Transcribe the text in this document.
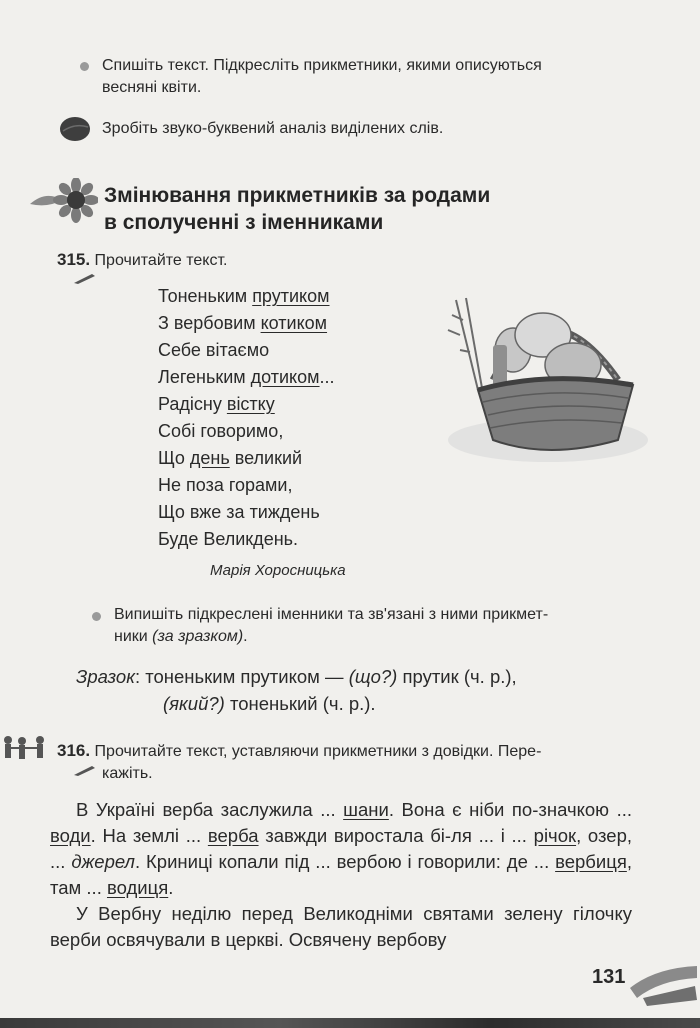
Спишіть текст. Підкресліть прикметники, якими описуються
весняні квіти.
Зробіть звуко-буквений аналіз виділених слів.
Змінювання прикметників за родами
в сполученні з іменниками
315. Прочитайте текст.
Тоненьким прутиком
З вербовим котиком
Себе вітаємо
Легеньким дотиком...
Радісну вістку
Собі говоримо,
Що день великий
Не поза горами,
Що вже за тиждень
Буде Великдень.
Марія Хоросницька
Випишіть підкреслені іменники та зв'язані з ними прикмет-
ники (за зразком).
Зразок: тоненьким прутиком — (що?) прутик (ч. р.),
(який?) тоненький (ч. р.).
316. Прочитайте текст, уставляючи прикметники з довідки. Пере-
кажіть.

В Україні верба заслужила ... шани. Вона є ніби по-значкою ... води. На землі ... верба завжди виростала бі-ля ... і ... річок, озер, ... джерел. Криниці копали під ... вербою і говорили: де ... вербиця, там ... водиця.

У Вербну неділю перед Великодніми святами зелену гілочку верби освячували в церкві. Освячену вербову

131
